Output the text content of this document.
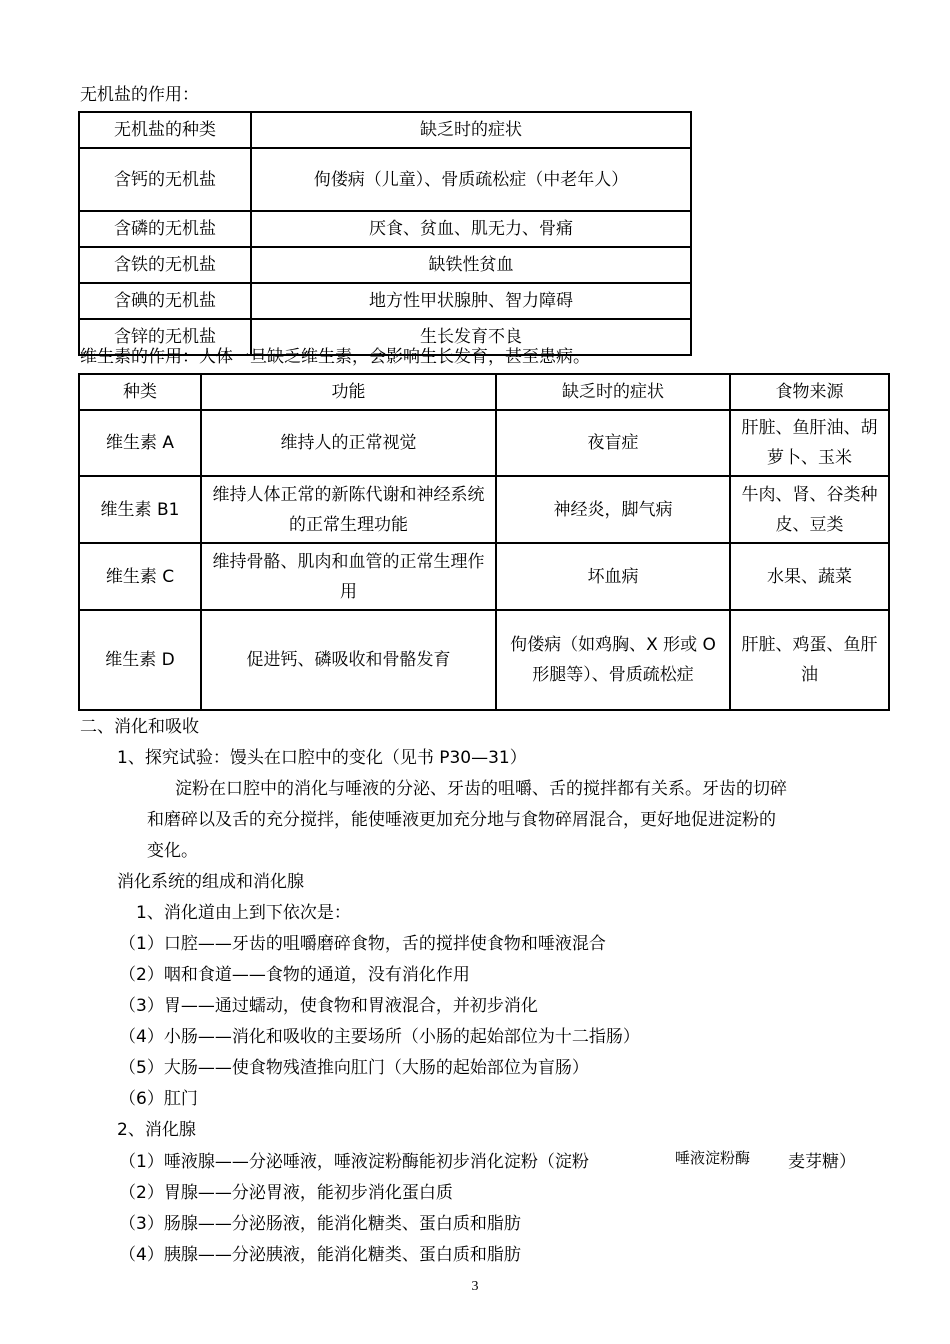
无机盐的作用：
无机盐的种类	缺乏时的症状
含钙的无机盐	佝偻病（儿童）、骨质疏松症（中老年人）
含磷的无机盐	厌食、贫血、肌无力、骨痛
含铁的无机盐	缺铁性贫血
含碘的无机盐	地方性甲状腺肿、智力障碍
含锌的无机盐	生长发育不良
维生素的作用：人体一旦缺乏维生素，会影响生长发育，甚至患病。
种类	功能	缺乏时的症状	食物来源
维生素 A	维持人的正常视觉	夜盲症	肝脏、鱼肝油、胡萝卜、玉米
维生素 B1	维持人体正常的新陈代谢和神经系统的正常生理功能	神经炎，脚气病	牛肉、肾、谷类种皮、豆类
维生素 C	维持骨骼、肌肉和血管的正常生理作用	坏血病	水果、蔬菜
维生素 D	促进钙、磷吸收和骨骼发育	佝偻病（如鸡胸、X 形或 O 形腿等）、骨质疏松症	肝脏、鸡蛋、鱼肝油
二、消化和吸收
1、探究试验：馒头在口腔中的变化（见书 P30—31）
淀粉在口腔中的消化与唾液的分泌、牙齿的咀嚼、舌的搅拌都有关系。牙齿的切碎
和磨碎以及舌的充分搅拌，能使唾液更加充分地与食物碎屑混合，更好地促进淀粉的
变化。
消化系统的组成和消化腺
1、消化道由上到下依次是：
（1）口腔——牙齿的咀嚼磨碎食物，舌的搅拌使食物和唾液混合
（2）咽和食道——食物的通道，没有消化作用
（3）胃——通过蠕动，使食物和胃液混合，并初步消化
（4）小肠——消化和吸收的主要场所（小肠的起始部位为十二指肠）
（5）大肠——使食物残渣推向肛门（大肠的起始部位为盲肠）
（6）肛门
2、消化腺
（1）唾液腺——分泌唾液，唾液淀粉酶能初步消化淀粉（淀粉	唾液淀粉酶 麦芽糖）
（2）胃腺——分泌胃液，能初步消化蛋白质
（3）肠腺——分泌肠液，能消化糖类、蛋白质和脂肪
（4）胰腺——分泌胰液，能消化糖类、蛋白质和脂肪
3
